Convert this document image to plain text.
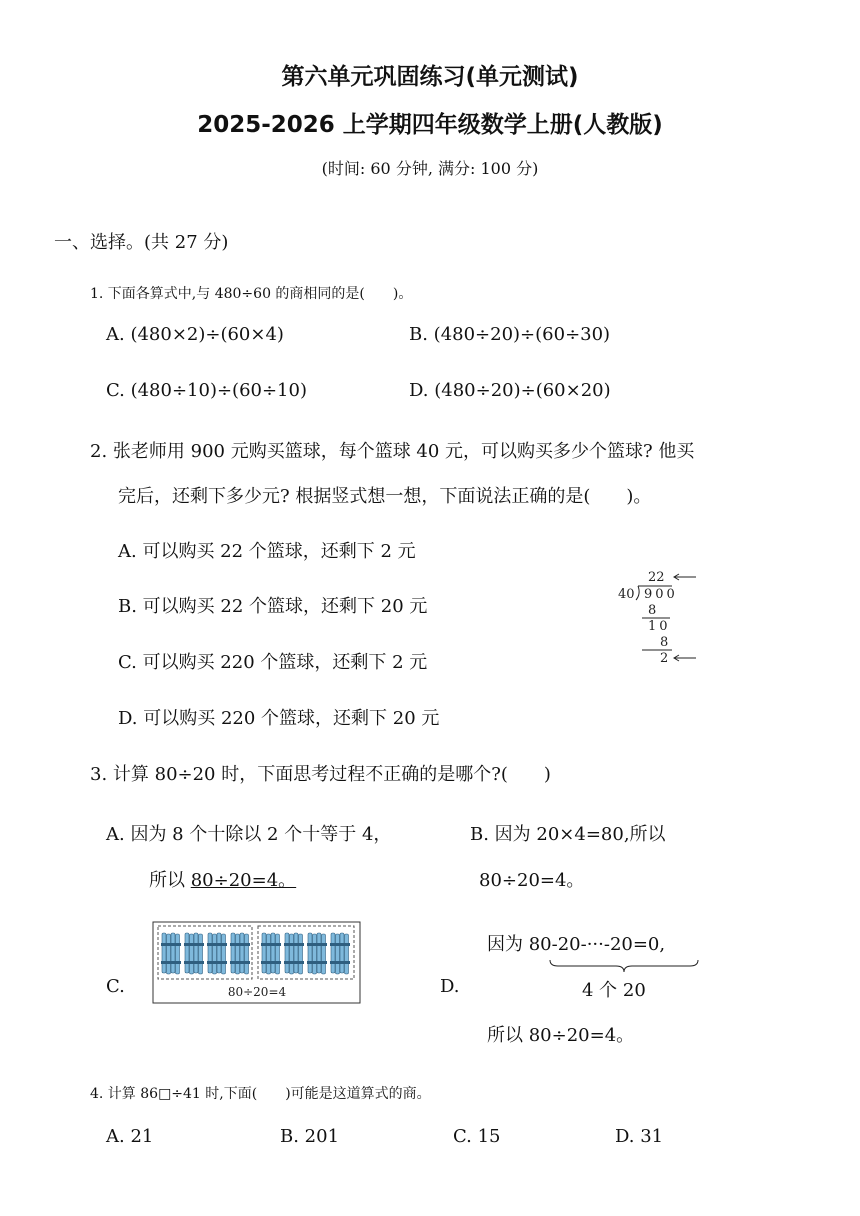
第六单元巩固练习(单元测试)
2025-2026 上学期四年级数学上册(人教版)
(时间: 60 分钟, 满分: 100 分)
一、选择。(共 27 分)
1. 下面各算式中,与 480÷60 的商相同的是(　　)。
A. (480×2)÷(60×4)	B. (480÷20)÷(60÷30)
C. (480÷10)÷(60÷10)	D. (480÷20)÷(60×20)
2. 张老师用 900 元购买篮球，每个篮球 40 元，可以购买多少个篮球? 他买
完后，还剩下多少元? 根据竖式想一想，下面说法正确的是(　　)。
A. 可以购买 22 个篮球，还剩下 2 元
B. 可以购买 22 个篮球，还剩下 20 元
C. 可以购买 220 个篮球，还剩下 2 元
D. 可以购买 220 个篮球，还剩下 20 元
22
40 900
8
10
8
2
3. 计算 80÷20 时，下面思考过程不正确的是哪个?(　　)
A. 因为 8 个十除以 2 个十等于 4，
所以 80÷20=4。
B. 因为 20×4=80,所以
80÷20=4。
C.	80÷20=4	D.
因为 80-20-···-20=0,
4 个 20
所以 80÷20=4。
4. 计算 86□÷41 时,下面(　　)可能是这道算式的商。
A. 21	B. 201	C. 15	D. 31
